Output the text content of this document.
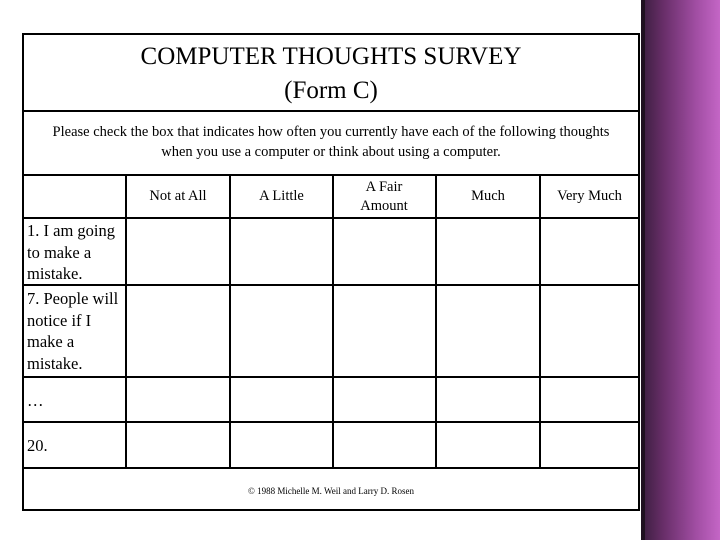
COMPUTER THOUGHTS SURVEY
(Form C)
Please check the box that indicates how often you currently have each of the following thoughts when you use a computer or think about using a computer.
Not at All	A Little
A Fair Amount
Much	Very Much
1. I am going to make a mistake.
7. People will notice if I make a mistake.
…
20.
© 1988 Michelle M. Weil and Larry D. Rosen
